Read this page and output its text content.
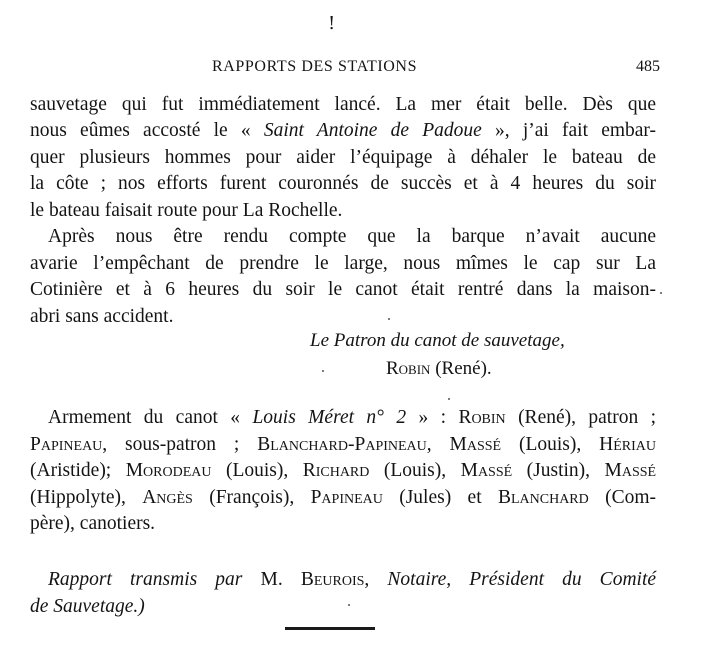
!
RAPPORTS DES STATIONS	485
sauvetage qui fut immédiatement lancé. La mer était belle. Dès que
nous eûmes accosté le « Saint Antoine de Padoue », j’ai fait embar-
quer plusieurs hommes pour aider l’équipage à déhaler le bateau de
la côte ; nos efforts furent couronnés de succès et à 4 heures du soir
le bateau faisait route pour La Rochelle.
Après nous être rendu compte que la barque n’avait aucune
avarie l’empêchant de prendre le large, nous mîmes le cap sur La
Cotinière et à 6 heures du soir le canot était rentré dans la maison-
abri sans accident.
Le Patron du canot de sauvetage,
Robin (René).
Armement du canot « Louis Méret n° 2 » : Robin (René), patron ;
Papineau, sous-patron ; Blanchard-Papineau, Massé (Louis), Hériau
(Aristide); Morodeau (Louis), Richard (Louis), Massé (Justin), Massé
(Hippolyte), Angès (François), Papineau (Jules) et Blanchard (Com-
père), canotiers.
Rapport transmis par M. Beurois, Notaire, Président du Comité
de Sauvetage.)
